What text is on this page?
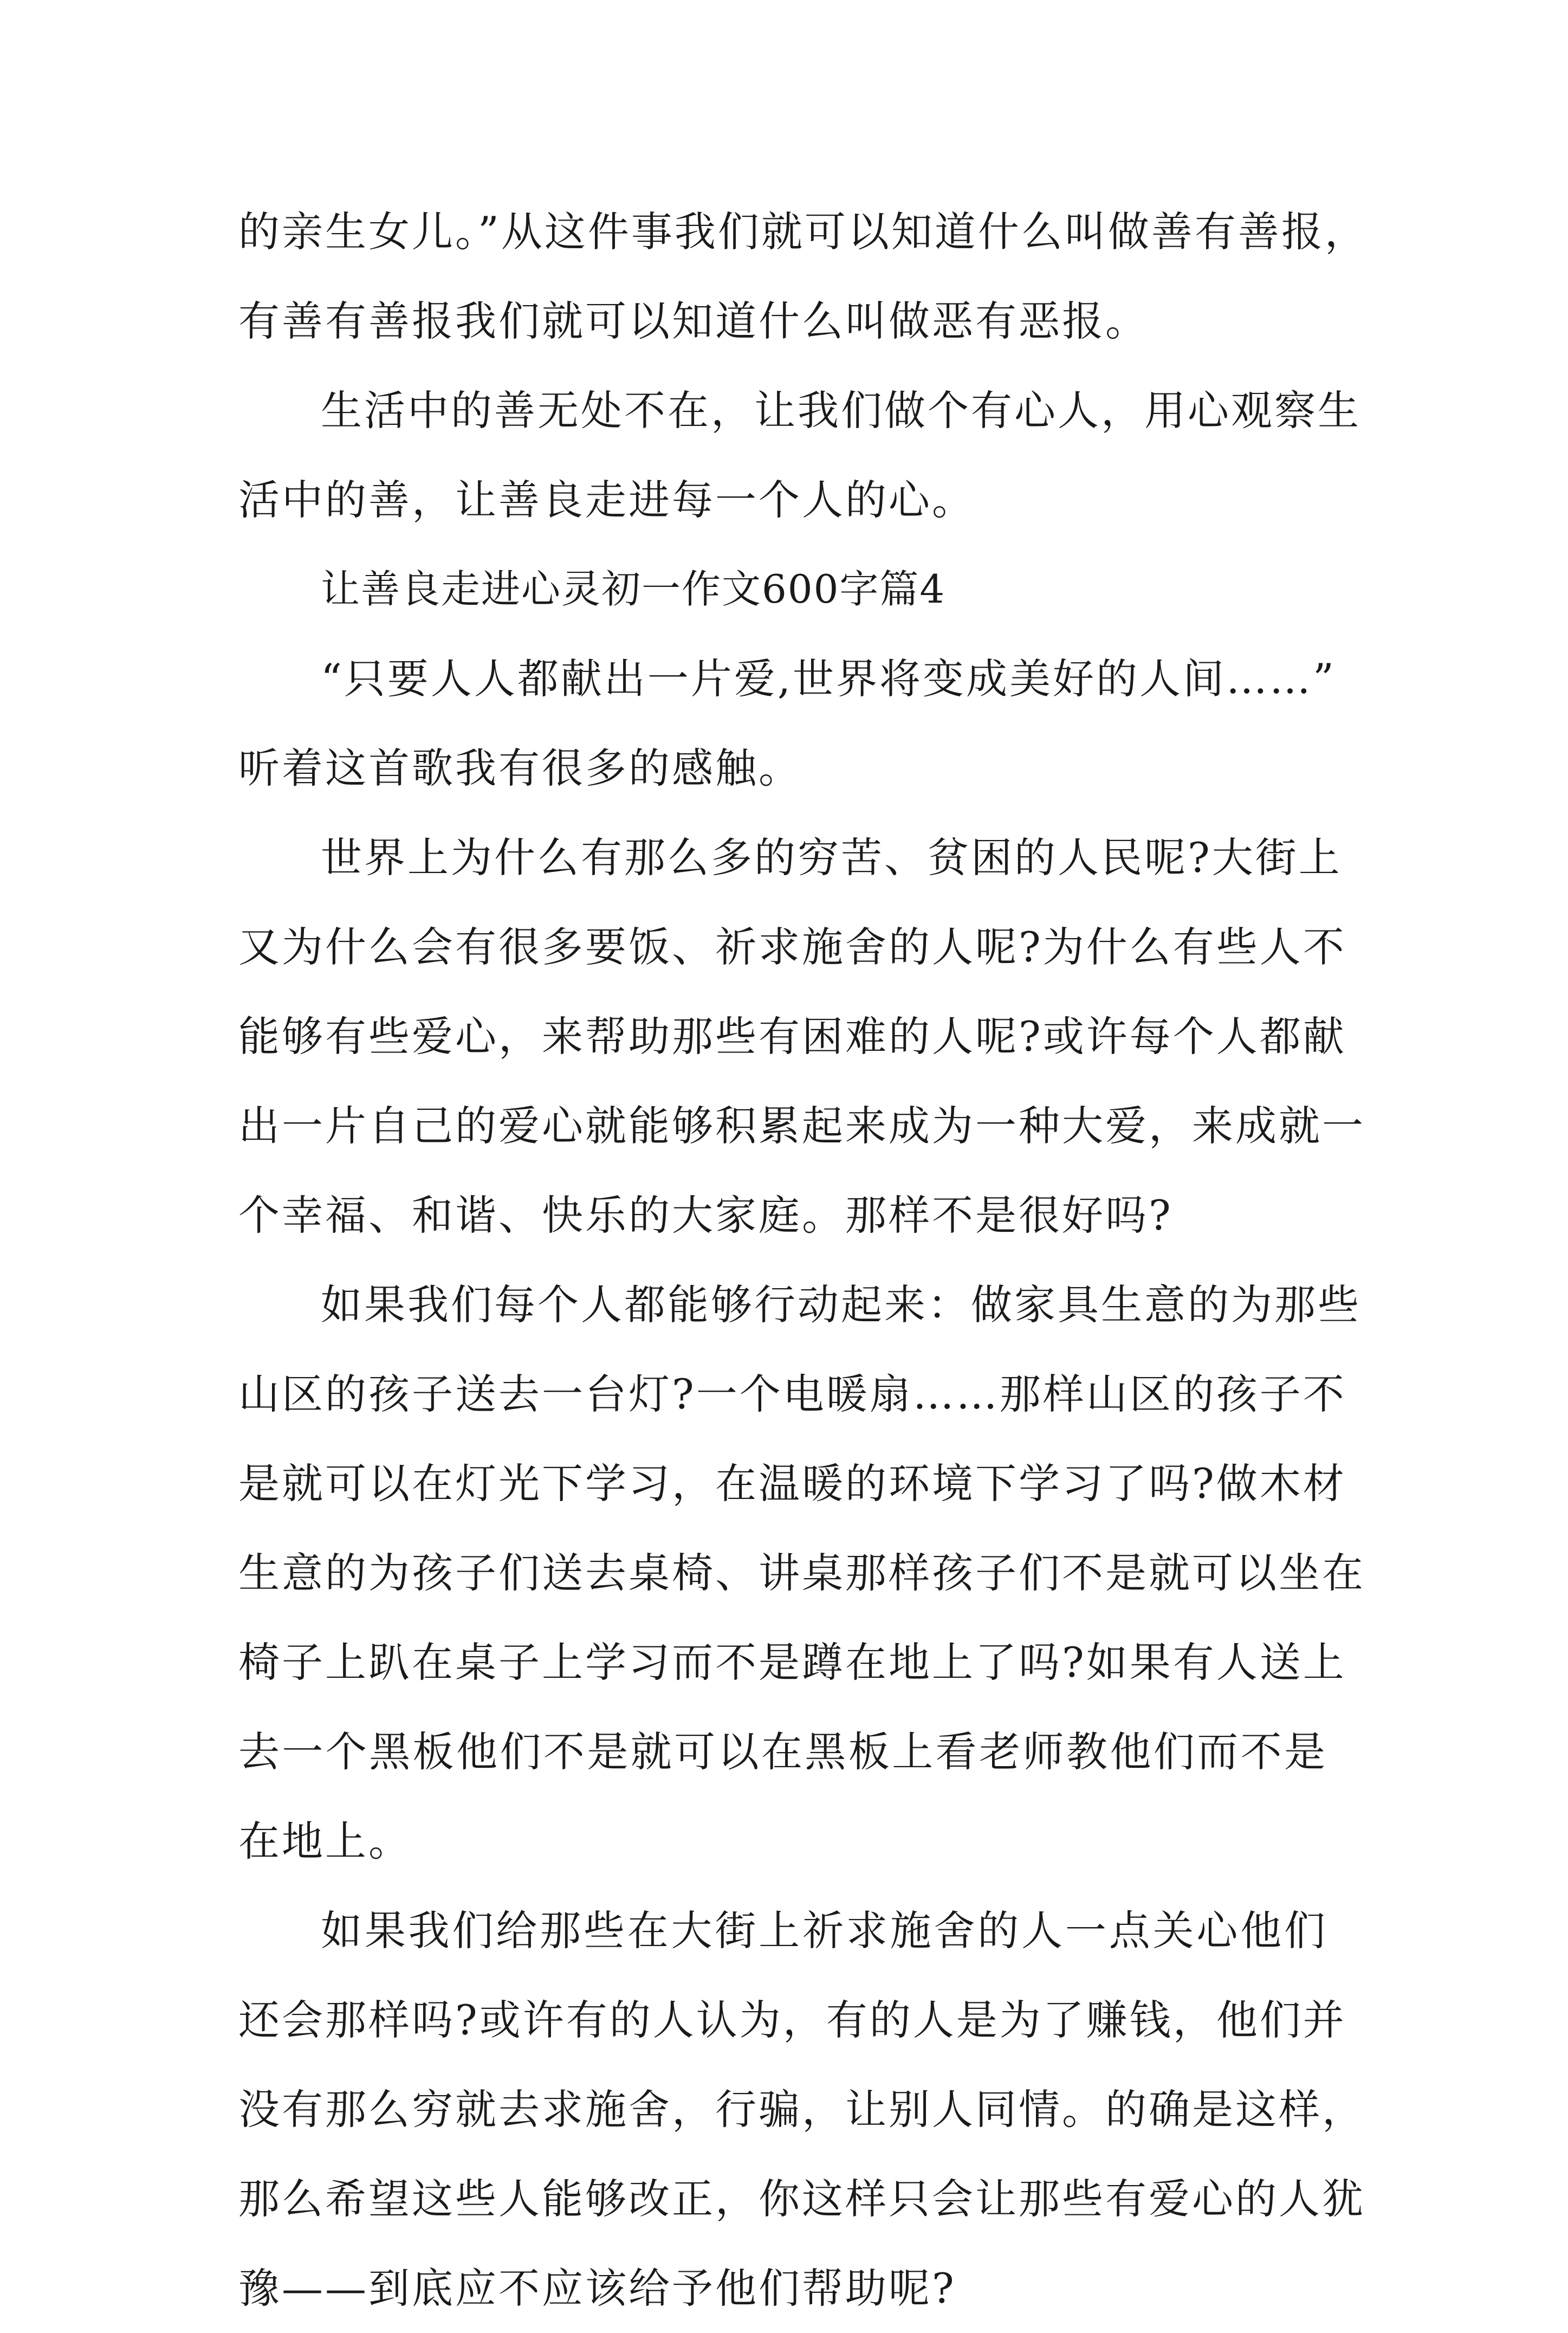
的亲生女儿。”从这件事我们就可以知道什么叫做善有善报，
有善有善报我们就可以知道什么叫做恶有恶报。
生活中的善无处不在，让我们做个有心人，用心观察生
活中的善，让善良走进每一个人的心。
让善良走进心灵初一作文600字篇4
“只要人人都献出一片爱,世界将变成美好的人间……”
听着这首歌我有很多的感触。
世界上为什么有那么多的穷苦、贫困的人民呢?大街上
又为什么会有很多要饭、祈求施舍的人呢?为什么有些人不
能够有些爱心，来帮助那些有困难的人呢?或许每个人都献
出一片自己的爱心就能够积累起来成为一种大爱，来成就一
个幸福、和谐、快乐的大家庭。那样不是很好吗?
如果我们每个人都能够行动起来：做家具生意的为那些
山区的孩子送去一台灯?一个电暖扇……那样山区的孩子不
是就可以在灯光下学习，在温暖的环境下学习了吗?做木材
生意的为孩子们送去桌椅、讲桌那样孩子们不是就可以坐在
椅子上趴在桌子上学习而不是蹲在地上了吗?如果有人送上
去一个黑板他们不是就可以在黑板上看老师教他们而不是
在地上。
如果我们给那些在大街上祈求施舍的人一点关心他们
还会那样吗?或许有的人认为，有的人是为了赚钱，他们并
没有那么穷就去求施舍，行骗，让别人同情。的确是这样，
那么希望这些人能够改正，你这样只会让那些有爱心的人犹
豫——到底应不应该给予他们帮助呢?
